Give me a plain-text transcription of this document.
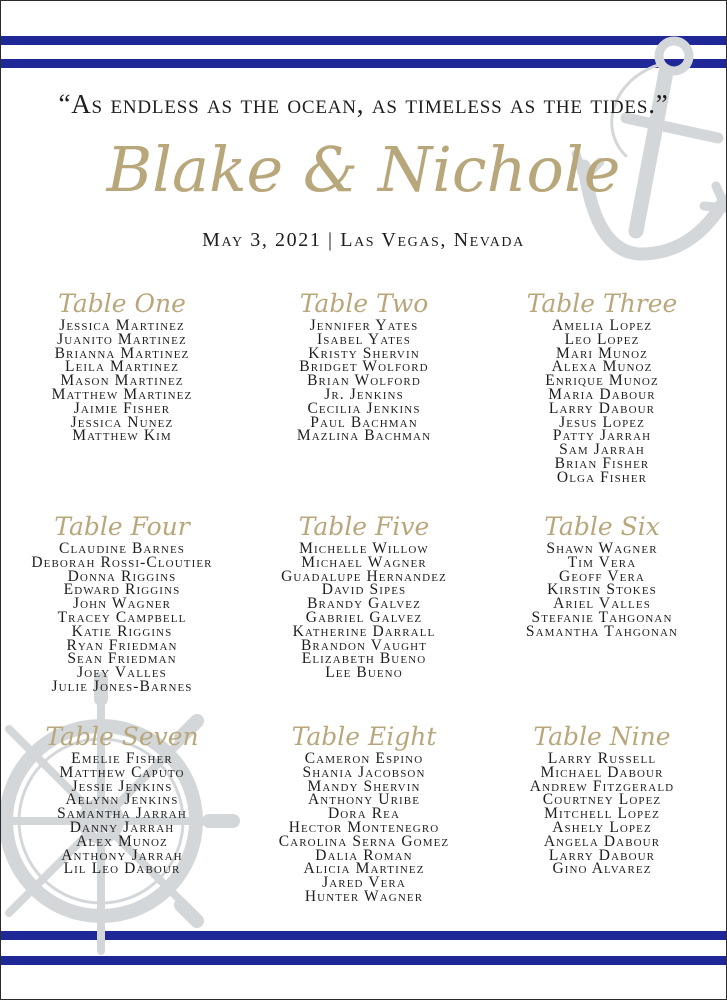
“As endless as the ocean, as timeless as the tides.”
Blake & Nichole
May 3, 2021 | Las Vegas, Nevada
Table One
Jessica Martinez
Juanito Martinez
Brianna Martinez
Leila Martinez
Mason Martinez
Matthew Martinez
Jaimie Fisher
Jessica Nunez
Matthew Kim
Table Two
Jennifer Yates
Isabel Yates
Kristy Shervin
Bridget Wolford
Brian Wolford
Jr. Jenkins
Cecilia Jenkins
Paul Bachman
Mazlina Bachman
Table Three
Amelia Lopez
Leo Lopez
Mari Munoz
Alexa Munoz
Enrique Munoz
Maria Dabour
Larry Dabour
Jesus Lopez
Patty Jarrah
Sam Jarrah
Brian Fisher
Olga Fisher
Table Four
Claudine Barnes
Deborah Rossi-Cloutier
Donna Riggins
Edward Riggins
John Wagner
Tracey Campbell
Katie Riggins
Ryan Friedman
Sean Friedman
Joey Valles
Julie Jones-Barnes
Table Five
Michelle Willow
Michael Wagner
Guadalupe Hernandez
David Sipes
Brandy Galvez
Gabriel Galvez
Katherine Darrall
Brandon Vaught
Elizabeth Bueno
Lee Bueno
Table Six
Shawn Wagner
Tim Vera
Geoff Vera
Kirstin Stokes
Ariel Valles
Stefanie Tahgonan
Samantha Tahgonan
Table Seven
Emelie Fisher
Matthew Caputo
Jessie Jenkins
Aelynn Jenkins
Samantha Jarrah
Danny Jarrah
Alex Munoz
Anthony Jarrah
Lil Leo Dabour
Table Eight
Cameron Espino
Shania Jacobson
Mandy Shervin
Anthony Uribe
Dora Rea
Hector Montenegro
Carolina Serna Gomez
Dalia Roman
Alicia Martinez
Jared Vera
Hunter Wagner
Table Nine
Larry Russell
Michael Dabour
Andrew Fitzgerald
Courtney Lopez
Mitchell Lopez
Ashely Lopez
Angela Dabour
Larry Dabour
Gino Alvarez
